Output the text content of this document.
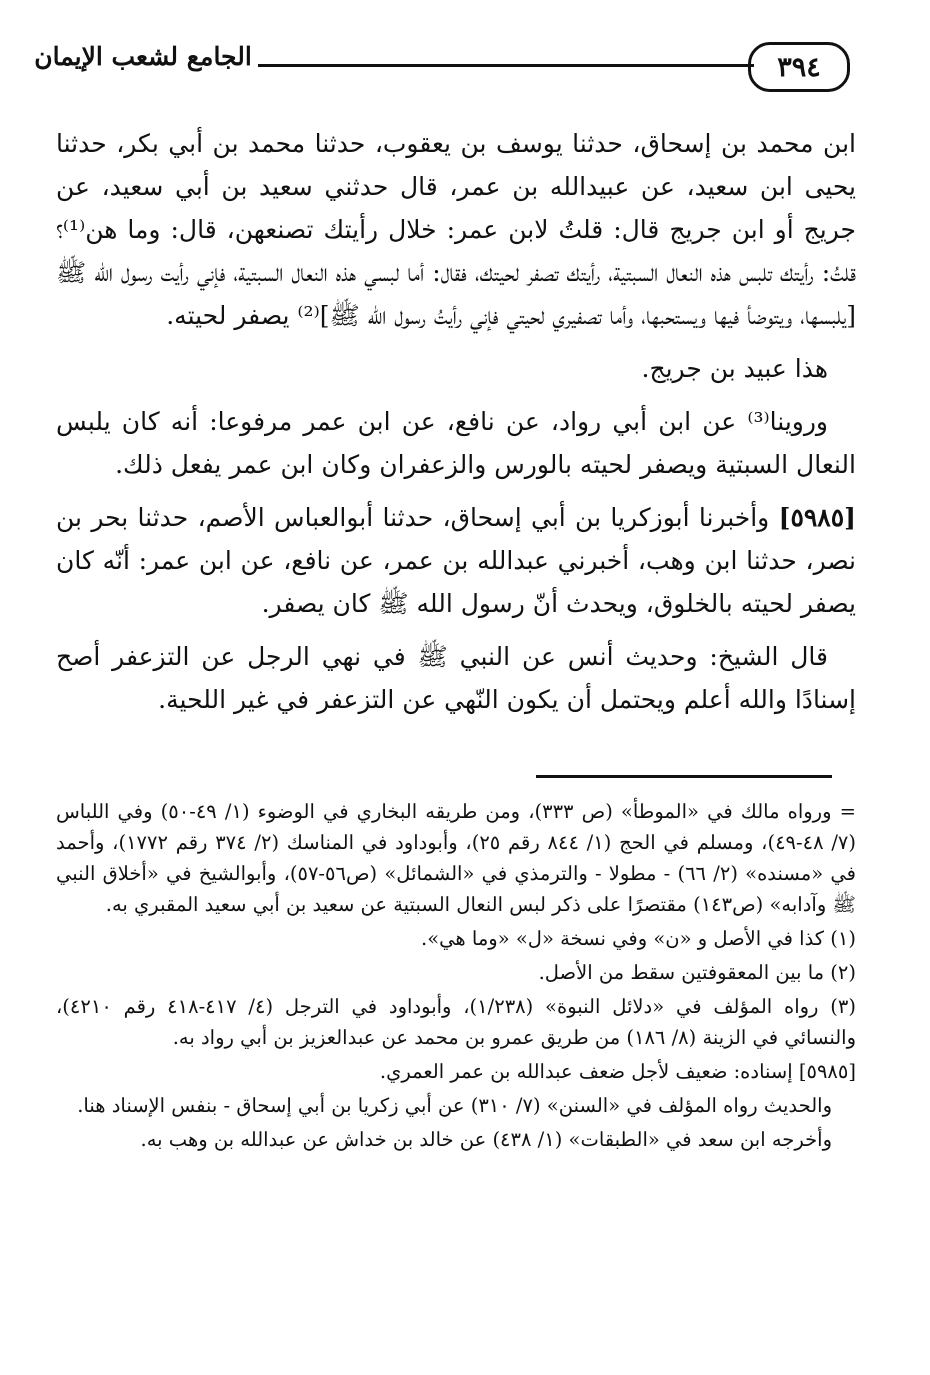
٣٩٤
الجامع لشعب الإيمان

ابن محمد بن إسحاق، حدثنا يوسف بن يعقوب، حدثنا محمد بن أبي بكر، حدثنا يحيى ابن سعيد، عن عبيدالله بن عمر، قال حدثني سعيد بن أبي سعيد، عن جريج أو ابن جريج قال: قلتُ لابن عمر: خلال رأيتك تصنعهن، قال: وما هن⁽¹⁾؟ قلتُ: رأيتك تلبس هذه النعال السبتية، رأيتك تصفر لحيتك، فقال: أما لبسي هذه النعال السبتية، فإني رأيت رسول الله ﷺ [يلبسها، ويتوضأ فيها ويستحبها، وأما تصفيري لحيتي فإني رأيتُ رسول الله ﷺ]⁽²⁾ يصفر لحيته.

هذا عبيد بن جريج.

وروينا⁽³⁾ عن ابن أبي رواد، عن نافع، عن ابن عمر مرفوعا: أنه كان يلبس النعال السبتية ويصفر لحيته بالورس والزعفران وكان ابن عمر يفعل ذلك.

[٥٩٨٥] وأخبرنا أبوزكريا بن أبي إسحاق، حدثنا أبوالعباس الأصم، حدثنا بحر بن نصر، حدثنا ابن وهب، أخبرني عبدالله بن عمر، عن نافع، عن ابن عمر: أنّه كان يصفر لحيته بالخلوق، ويحدث أنّ رسول الله ﷺ كان يصفر.

قال الشيخ: وحديث أنس عن النبي ﷺ في نهي الرجل عن التزعفر أصح إسنادًا والله أعلم ويحتمل أن يكون النّهي عن التزعفر في غير اللحية.

= ورواه مالك في «الموطأ» (ص ٣٣٣)، ومن طريقه البخاري في الوضوء (١/ ٤٩-٥٠) وفي اللباس (٧/ ٤٨-٤٩)، ومسلم في الحج (١/ ٨٤٤ رقم ٢٥)، وأبوداود في المناسك (٢/ ٣٧٤ رقم ١٧٧٢)، وأحمد في «مسنده» (٢/ ٦٦) - مطولا - والترمذي في «الشمائل» (ص٥٦-٥٧)، وأبوالشيخ في «أخلاق النبي ﷺ وآدابه» (ص١٤٣) مقتصرًا على ذكر لبس النعال السبتية عن سعيد بن أبي سعيد المقبري به.

(١) كذا في الأصل و «ن» وفي نسخة «ل» «وما هي».

(٢) ما بين المعقوفتين سقط من الأصل.

(٣) رواه المؤلف في «دلائل النبوة» (١/٢٣٨)، وأبوداود في الترجل (٤/ ٤١٧-٤١٨ رقم ٤٢١٠)، والنسائي في الزينة (٨/ ١٨٦) من طريق عمرو بن محمد عن عبدالعزيز بن أبي رواد به.

[٥٩٨٥] إسناده: ضعيف لأجل ضعف عبدالله بن عمر العمري.

والحديث رواه المؤلف في «السنن» (٧/ ٣١٠) عن أبي زكريا بن أبي إسحاق - بنفس الإسناد هنا.

وأخرجه ابن سعد في «الطبقات» (١/ ٤٣٨) عن خالد بن خداش عن عبدالله بن وهب به.
